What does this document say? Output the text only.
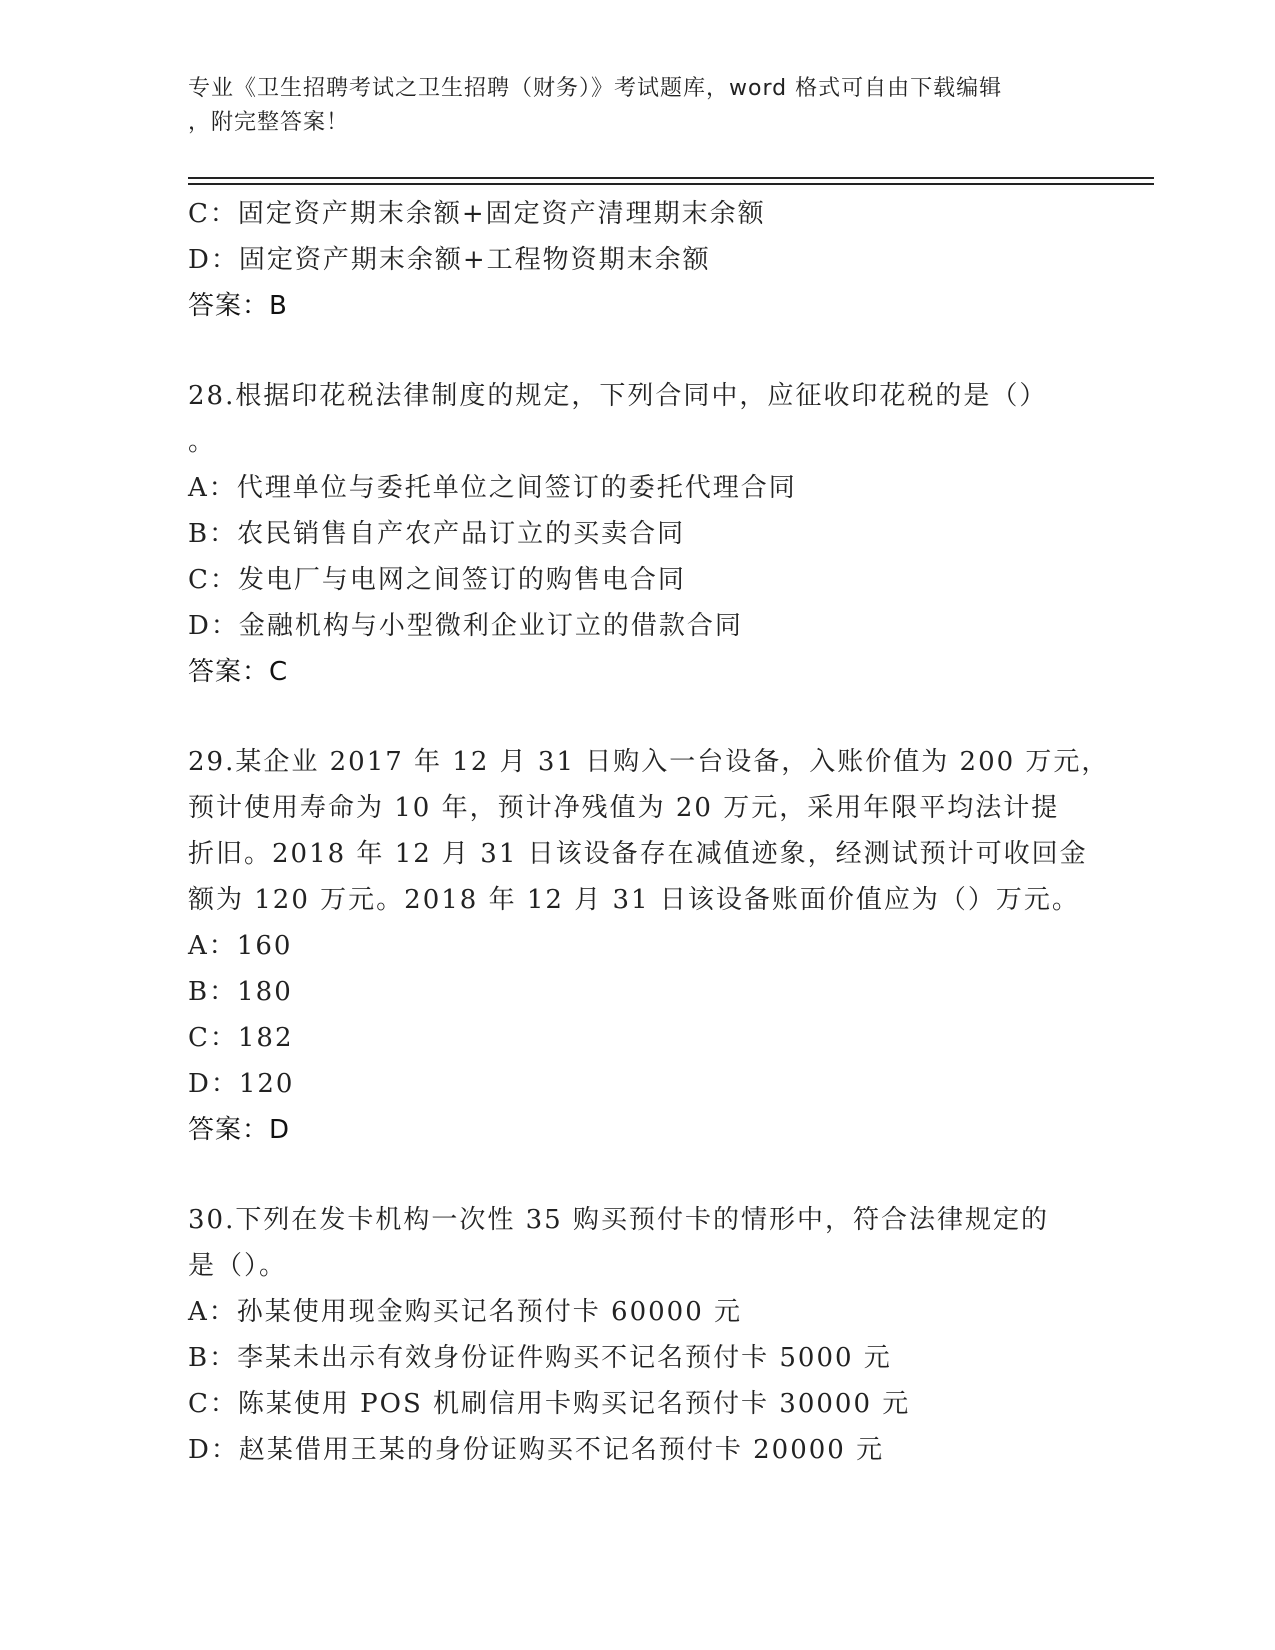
专业《卫生招聘考试之卫生招聘（财务）》考试题库，word 格式可自由下载编辑
，附完整答案！
C：固定资产期末余额+固定资产清理期末余额
D：固定资产期末余额+工程物资期末余额
答案：B
28.根据印花税法律制度的规定，下列合同中，应征收印花税的是（）
。
A：代理单位与委托单位之间签订的委托代理合同
B：农民销售自产农产品订立的买卖合同
C：发电厂与电网之间签订的购售电合同
D：金融机构与小型微利企业订立的借款合同
答案：C
29.某企业 2017 年 12 月 31 日购入一台设备，入账价值为 200 万元，
预计使用寿命为 10 年，预计净残值为 20 万元，采用年限平均法计提
折旧。2018 年 12 月 31 日该设备存在减值迹象，经测试预计可收回金
额为 120 万元。2018 年 12 月 31 日该设备账面价值应为（）万元。
A：160
B：180
C：182
D：120
答案：D
30.下列在发卡机构一次性 35 购买预付卡的情形中，符合法律规定的
是（）。
A：孙某使用现金购买记名预付卡 60000 元
B：李某未出示有效身份证件购买不记名预付卡 5000 元
C：陈某使用 POS 机刷信用卡购买记名预付卡 30000 元
D：赵某借用王某的身份证购买不记名预付卡 20000 元
